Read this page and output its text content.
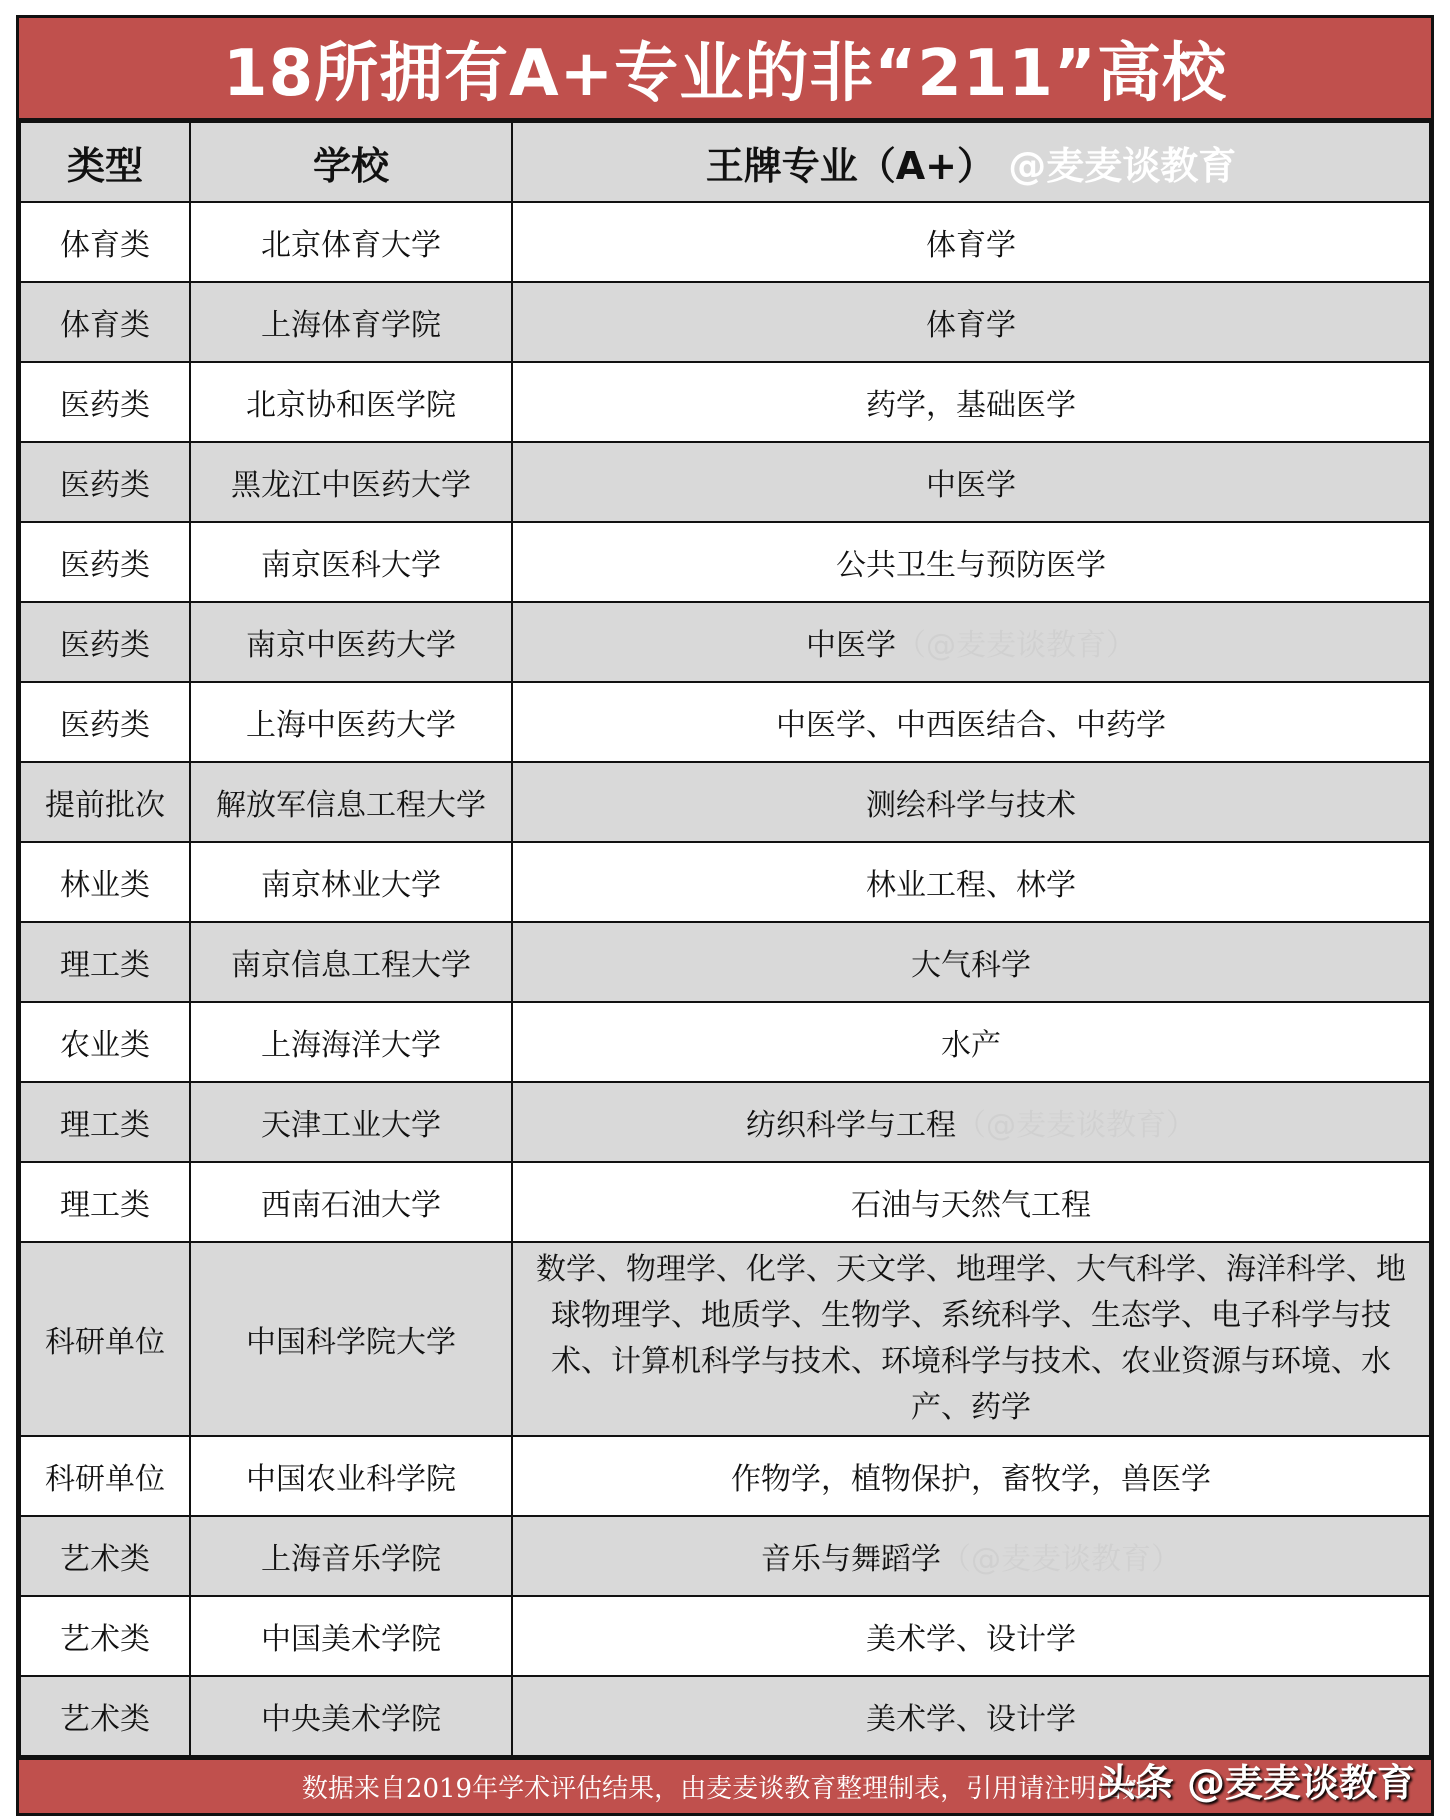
18所拥有A+专业的非“211”高校
类型	学校	王牌专业（A+） @麦麦谈教育
体育类	北京体育大学	体育学
体育类	上海体育学院	体育学
医药类	北京协和医学院	药学，基础医学
医药类	黑龙江中医药大学	中医学
医药类	南京医科大学	公共卫生与预防医学
医药类	南京中医药大学	中医学（@麦麦谈教育）
医药类	上海中医药大学	中医学、中西医结合、中药学
提前批次	解放军信息工程大学	测绘科学与技术
林业类	南京林业大学	林业工程、林学
理工类	南京信息工程大学	大气科学
农业类	上海海洋大学	水产
理工类	天津工业大学	纺织科学与工程（@麦麦谈教育）
理工类	西南石油大学	石油与天然气工程
科研单位	中国科学院大学	数学、物理学、化学、天文学、地理学、大气科学、海洋科学、地球物理学、地质学、生物学、系统科学、生态学、电子科学与技术、计算机科学与技术、环境科学与技术、农业资源与环境、水产、药学
科研单位	中国农业科学院	作物学，植物保护，畜牧学，兽医学
艺术类	上海音乐学院	音乐与舞蹈学（@麦麦谈教育）
艺术类	中国美术学院	美术学、设计学
艺术类	中央美术学院	美术学、设计学
数据来自2019年学术评估结果，由麦麦谈教育整理制表，引用请注明出处
头条 @麦麦谈教育
